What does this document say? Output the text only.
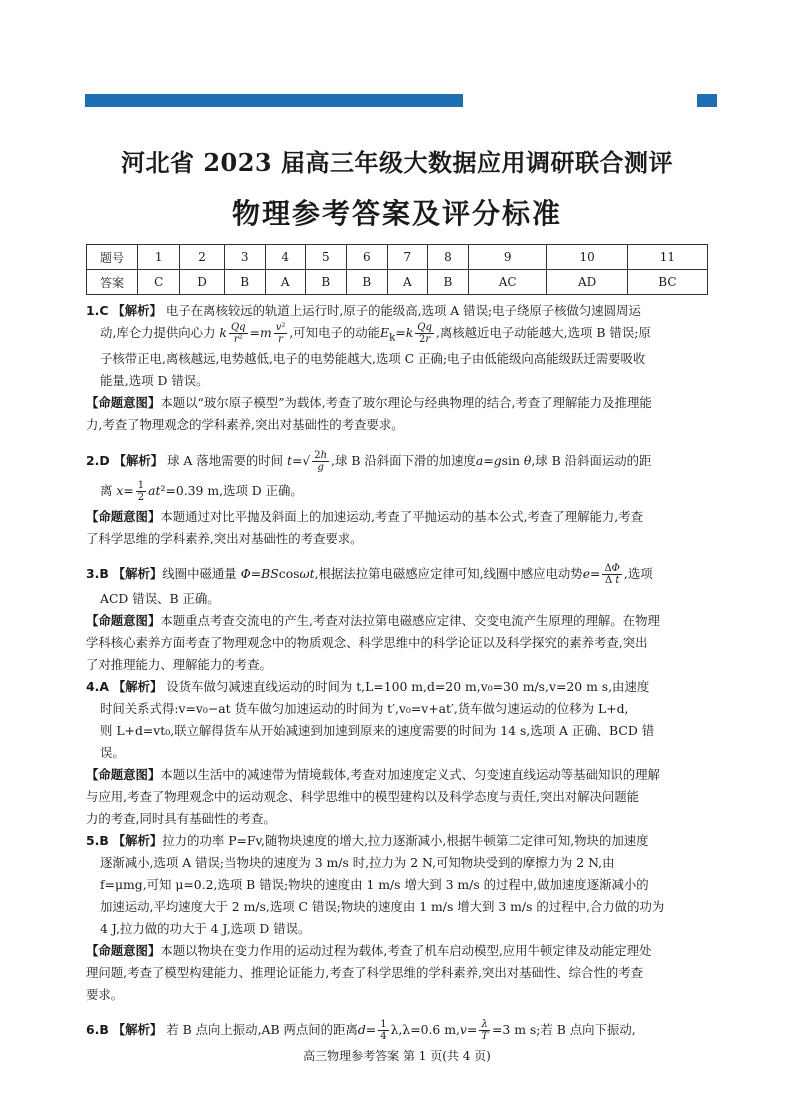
河北省 2023 届高三年级大数据应用调研联合测评
物理参考答案及评分标准
题号	1	2	3	4	5	6	7	8	9	10	11
答案	C	D	B	A	B	B	A	B	AC	AD	BC

1.C 【解析】 电子在离核较远的轨道上运行时,原子的能级高,选项 A 错误;电子绕原子核做匀速圆周运

动,库仑力提供向心力 k $\frac{Qq}{\text{r²}} =m \frac{\text{v²}}{r}$ ,可知电子的动能$E_k=k \frac{Qq}{2r}$ ,离核越近电子动能越大,选项 B 错误;原

子核带正电,离核越远,电势越低,电子的电势能越大,选项 C 正确;电子由低能级向高能级跃迁需要吸收

能量,选项 D 错误。

【命题意图】本题以“玻尔原子模型”为载体,考查了玻尔理论与经典物理的结合,考查了理解能力及推理能

力,考查了物理观念的学科素养,突出对基础性的考查要求。

2.D 【解析】 球 A 落地需要的时间 $t=√ \frac{2h}{g}$ ,球 B 沿斜面下滑的加速度a=gsin θ,球 B 沿斜面运动的距

离 $x= \frac{1}{2} at^2=0.39$ m,选项 D 正确。

【命题意图】本题通过对比平抛及斜面上的加速运动,考查了平抛运动的基本公式,考查了理解能力,考查

了科学思维的学科素养,突出对基础性的考查要求。

3.B 【解析】线圈中磁通量 Φ=BScosωt,根据法拉第电磁感应定律可知,线圈中感应电动势$e= \frac{\Delta\Phi}{\text{Δ t}}$ ,选项

ACD 错误、B 正确。

【命题意图】本题重点考查交流电的产生,考查对法拉第电磁感应定律、交变电流产生原理的理解。在物理

学科核心素养方面考查了物理观念中的物质观念、科学思维中的科学论证以及科学探究的素养考查,突出

了对推理能力、理解能力的考查。

4.A 【解析】 设货车做匀减速直线运动的时间为 t,L=100 m,d=20 m,v₀=30 m/s,v=20 m s,由速度

时间关系式得:v=v₀−at 货车做匀加速运动的时间为 t′,v₀=v+at′,货车做匀速运动的位移为 L+d,

则 L+d=vt₀,联立解得货车从开始减速到加速到原来的速度需要的时间为 14 s,选项 A 正确、BCD 错

误。

【命题意图】本题以生活中的减速带为情境载体,考查对加速度定义式、匀变速直线运动等基础知识的理解

与应用,考查了物理观念中的运动观念、科学思维中的模型建构以及科学态度与责任,突出对解决问题能

力的考查,同时具有基础性的考查。

5.B 【解析】拉力的功率 P=Fv,随物块速度的增大,拉力逐渐减小,根据牛顿第二定律可知,物块的加速度

逐渐减小,选项 A 错误;当物块的速度为 3 m/s 时,拉力为 2 N,可知物块受到的摩擦力为 2 N,由

f=μmg,可知 μ=0.2,选项 B 错误;物块的速度由 1 m/s 增大到 3 m/s 的过程中,做加速度逐渐减小的

加速运动,平均速度大于 2 m/s,选项 C 错误;物块的速度由 1 m/s 增大到 3 m/s 的过程中,合力做的功为

4 J,拉力做的功大于 4 J,选项 D 错误。

【命题意图】本题以物块在变力作用的运动过程为载体,考查了机车启动模型,应用牛顿定律及动能定理处

理问题,考查了模型构建能力、推理论证能力,考查了科学思维的学科素养,突出对基础性、综合性的考查

要求。

6.B 【解析】 若 B 点向上振动,AB 两点间的距离$d= \frac{1}{4} \lambda,\lambda=0.6$ $m,v= \frac{\lambda}{T} =3$ m s;若 B 点向下振动,

高三物理参考答案 第 1 页(共 4 页)
